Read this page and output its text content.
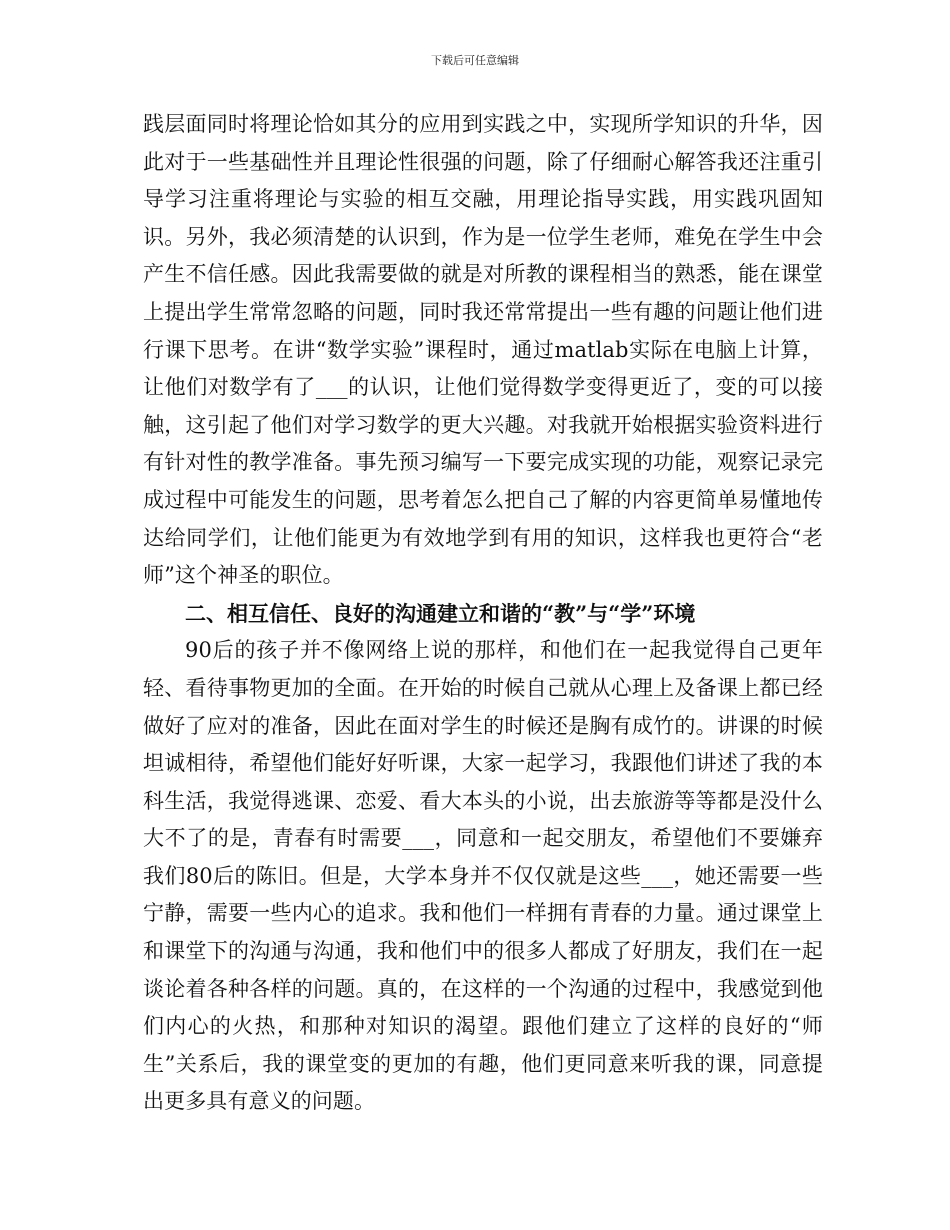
下载后可任意编辑

践层面同时将理论恰如其分的应用到实践之中，实现所学知识的升华，因此对于一些基础性并且理论性很强的问题，除了仔细耐心解答我还注重引导学习注重将理论与实验的相互交融，用理论指导实践，用实践巩固知识。另外，我必须清楚的认识到，作为是一位学生老师，难免在学生中会产生不信任感。因此我需要做的就是对所教的课程相当的熟悉，能在课堂上提出学生常常忽略的问题，同时我还常常提出一些有趣的问题让他们进行课下思考。在讲“数学实验”课程时，通过matlab实际在电脑上计算，让他们对数学有了___的认识，让他们觉得数学变得更近了，变的可以接触，这引起了他们对学习数学的更大兴趣。对我就开始根据实验资料进行有针对性的教学准备。事先预习编写一下要完成实现的功能，观察记录完成过程中可能发生的问题，思考着怎么把自己了解的内容更简单易懂地传达给同学们，让他们能更为有效地学到有用的知识，这样我也更符合“老师”这个神圣的职位。

二、相互信任、良好的沟通建立和谐的“教”与“学”环境

90后的孩子并不像网络上说的那样，和他们在一起我觉得自己更年轻、看待事物更加的全面。在开始的时候自己就从心理上及备课上都已经做好了应对的准备，因此在面对学生的时候还是胸有成竹的。讲课的时候坦诚相待，希望他们能好好听课，大家一起学习，我跟他们讲述了我的本科生活，我觉得逃课、恋爱、看大本头的小说，出去旅游等等都是没什么大不了的是，青春有时需要___，同意和一起交朋友，希望他们不要嫌弃我们80后的陈旧。但是，大学本身并不仅仅就是这些___，她还需要一些宁静，需要一些内心的追求。我和他们一样拥有青春的力量。通过课堂上和课堂下的沟通与沟通，我和他们中的很多人都成了好朋友，我们在一起谈论着各种各样的问题。真的，在这样的一个沟通的过程中，我感觉到他们内心的火热，和那种对知识的渴望。跟他们建立了这样的良好的“师生”关系后，我的课堂变的更加的有趣，他们更同意来听我的课，同意提出更多具有意义的问题。
